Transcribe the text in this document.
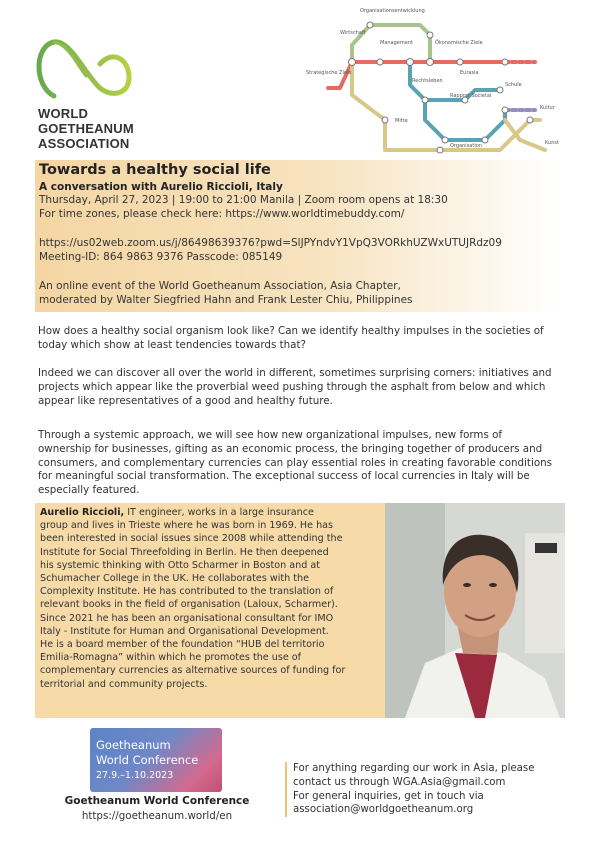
WORLD
GOETHEANUM
ASSOCIATION
Strategische Ziele
Wirtschaft
Organisationsentwicklung
Management	Ökonomische Ziele
Eurasia
Rechtsleben
Rapport Societal
Schule
Kultur
Mitte
Organisation	Kunst
Towards a healthy social life
A conversation with Aurelio Riccioli, Italy
Thursday, April 27, 2023 | 19:00 to 21:00 Manila | Zoom room opens at 18:30
For time zones, please check here: https://www.worldtimebuddy.com/
https://us02web.zoom.us/j/86498639376?pwd=SlJPYndvY1VpQ3VORkhUZWxUTUJRdz09
Meeting-ID: 864 9863 9376 Passcode: 085149
An online event of the World Goetheanum Association, Asia Chapter,
moderated by Walter Siegfried Hahn and Frank Lester Chiu, Philippines
How does a healthy social organism look like? Can we identify healthy impulses in the societies of
today which show at least tendencies towards that?
Indeed we can discover all over the world in different, sometimes surprising corners: initiatives and
projects which appear like the proverbial weed pushing through the asphalt from below and which
appear like representatives of a good and healthy future.
Through a systemic approach, we will see how new organizational impulses, new forms of
ownership for businesses, gifting as an economic process, the bringing together of producers and
consumers, and complementary currencies can play essential roles in creating favorable conditions
for meaningful social transformation. The exceptional success of local currencies in Italy will be
especially featured.
Aurelio Riccioli, IT engineer, works in a large insurance
group and lives in Trieste where he was born in 1969. He has
been interested in social issues since 2008 while attending the
Institute for Social Threefolding in Berlin. He then deepened
his systemic thinking with Otto Scharmer in Boston and at
Schumacher College in the UK. He collaborates with the
Complexity Institute. He has contributed to the translation of
relevant books in the field of organisation (Laloux, Scharmer).
Since 2021 he has been an organisational consultant for IMO
Italy - Institute for Human and Organisational Development.
He is a board member of the foundation “HUB del territorio
Emilia-Romagna” within which he promotes the use of
complementary currencies as alternative sources of funding for
territorial and community projects.
Goetheanum
World Conference
27.9.–1.10.2023
Goetheanum World Conference
https://goetheanum.world/en
For anything regarding our work in Asia, please
contact us through WGA.Asia@gmail.com
For general inquiries, get in touch via
association@worldgoetheanum.org
